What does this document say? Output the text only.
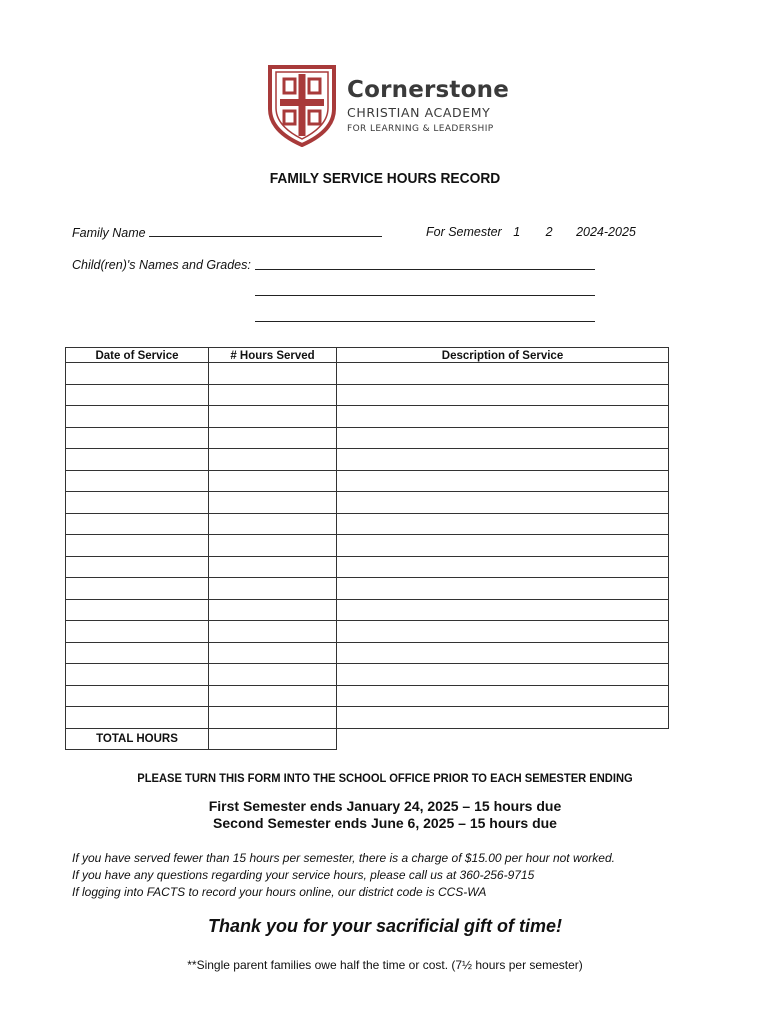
Cornerstone
CHRISTIAN ACADEMY
FOR LEARNING & LEADERSHIP
FAMILY SERVICE HOURS RECORD
Family Name	For Semester 1 2 2024-2025
Child(ren)'s Names and Grades:
Date of Service	# Hours Served	Description of Service

TOTAL HOURS		
PLEASE TURN THIS FORM INTO THE SCHOOL OFFICE PRIOR TO EACH SEMESTER ENDING
First Semester ends January 24, 2025 – 15 hours due
Second Semester ends June 6, 2025 – 15 hours due
If you have served fewer than 15 hours per semester, there is a charge of $15.00 per hour not worked.
If you have any questions regarding your service hours, please call us at 360-256-9715
If logging into FACTS to record your hours online, our district code is CCS-WA
Thank you for your sacrificial gift of time!
**Single parent families owe half the time or cost. (7½ hours per semester)
